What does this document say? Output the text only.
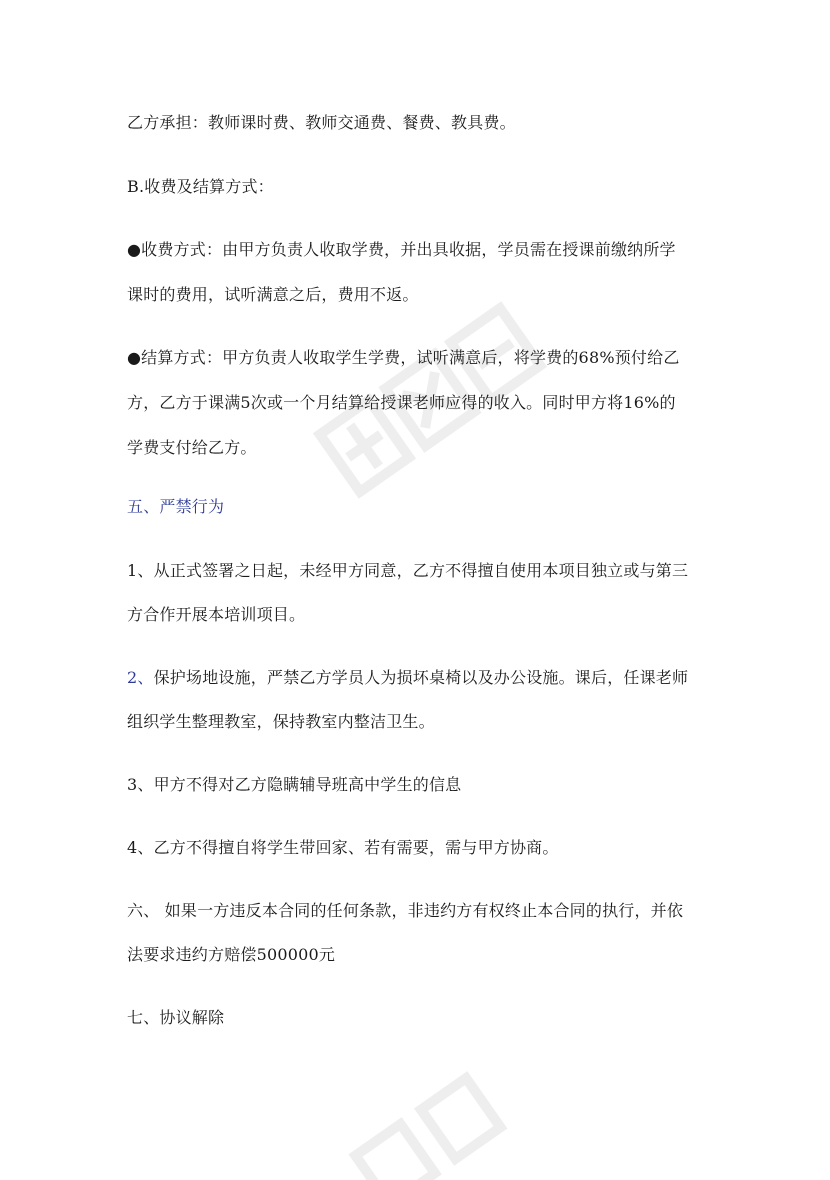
乙方承担：教师课时费、教师交通费、餐费、教具费。
B.收费及结算方式：
●收费方式：由甲方负责人收取学费，并出具收据，学员需在授课前缴纳所学
课时的费用，试听满意之后，费用不返。
●结算方式：甲方负责人收取学生学费，试听满意后，将学费的68%预付给乙
方，乙方于课满5次或一个月结算给授课老师应得的收入。同时甲方将16%的
学费支付给乙方。
五、严禁行为
1、从正式签署之日起，未经甲方同意，乙方不得擅自使用本项目独立或与第三
方合作开展本培训项目。
2、保护场地设施，严禁乙方学员人为损坏桌椅以及办公设施。课后，任课老师
组织学生整理教室，保持教室内整洁卫生。
3、甲方不得对乙方隐瞒辅导班高中学生的信息
4、乙方不得擅自将学生带回家、若有需要，需与甲方协商。
六、 如果一方违反本合同的任何条款，非违约方有权终止本合同的执行，并依
法要求违约方赔偿500000元
七、协议解除
